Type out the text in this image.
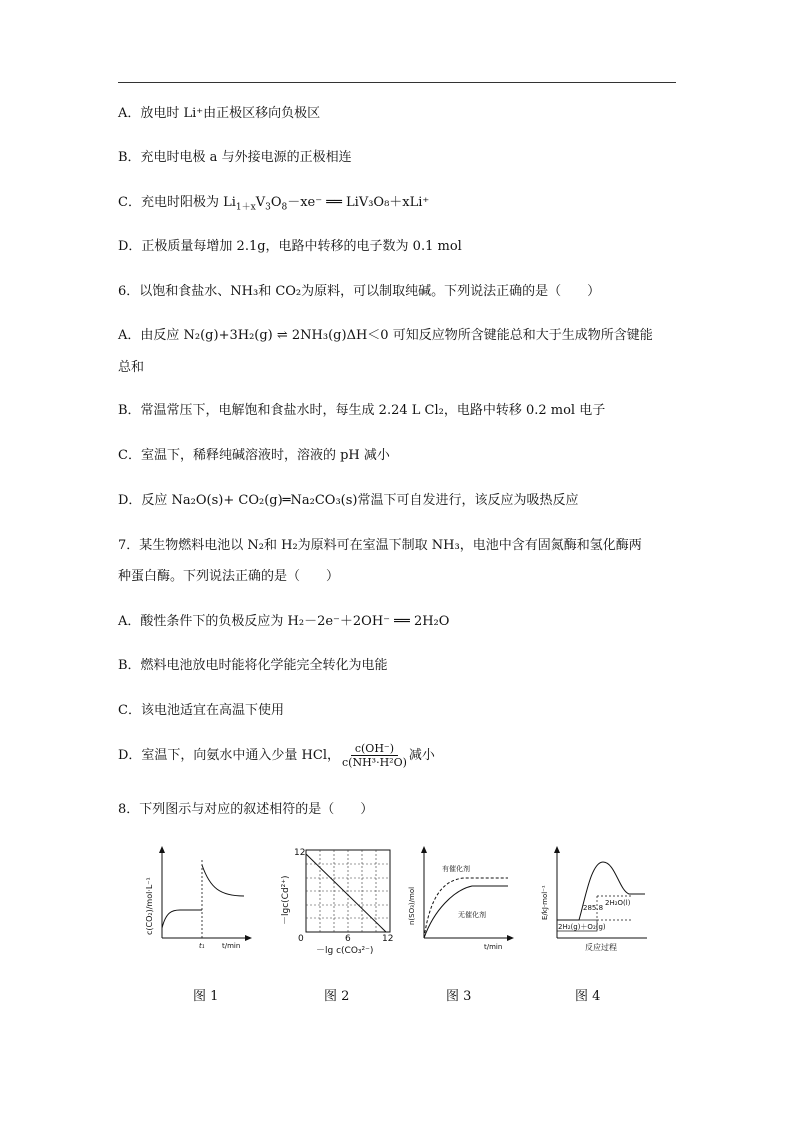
A．放电时 Li⁺由正极区移向负极区
B．充电时电极 a 与外接电源的正极相连
C．充电时阳极为 $Li_{1+x}V_3O_8-xe^-$ ══ LiV₃O₈＋xLi⁺
D．正极质量每增加 2.1g，电路中转移的电子数为 0.1 mol
6．以饱和食盐水、NH₃和 CO₂为原料，可以制取纯碱。下列说法正确的是（　　）
A．由反应 N₂(g)+3H₂(g) ⇌ 2NH₃(g)ΔH＜0 可知反应物所含键能总和大于生成物所含键能
总和
B．常温常压下，电解饱和食盐水时，每生成 2.24 L Cl₂，电路中转移 0.2 mol 电子
C．室温下，稀释纯碱溶液时，溶液的 pH 减小
D．反应 Na₂O(s)+ CO₂(g)═Na₂CO₃(s)常温下可自发进行，该反应为吸热反应
7．某生物燃料电池以 N₂和 H₂为原料可在室温下制取 NH₃，电池中含有固氮酶和氢化酶两
种蛋白酶。下列说法正确的是（　　）
A．酸性条件下的负极反应为 H₂－2e⁻＋2OH⁻ ══ 2H₂O
B．燃料电池放电时能将化学能完全转化为电能
C．该电池适宜在高温下使用
D．室温下，向氨水中通入少量 HCl， $\frac{c(OH^-)}{\text{c(NH³·H²O)}}$ 减小
8．下列图示与对应的叙述相符的是（　　）
c(CO₂)/mol·L⁻¹
t₁ t/min
12
0	6	12
－lgc(Cd²⁺)
－lg c(CO₃²⁻)
有催化剂
无催化剂
n(SO₃)/mol
t/min
285.8
2H₂O(l)
2H₂(g)＋O₂(g)
E/kJ·mol⁻¹
反应过程
图 1	图 2	图 3	图 4
